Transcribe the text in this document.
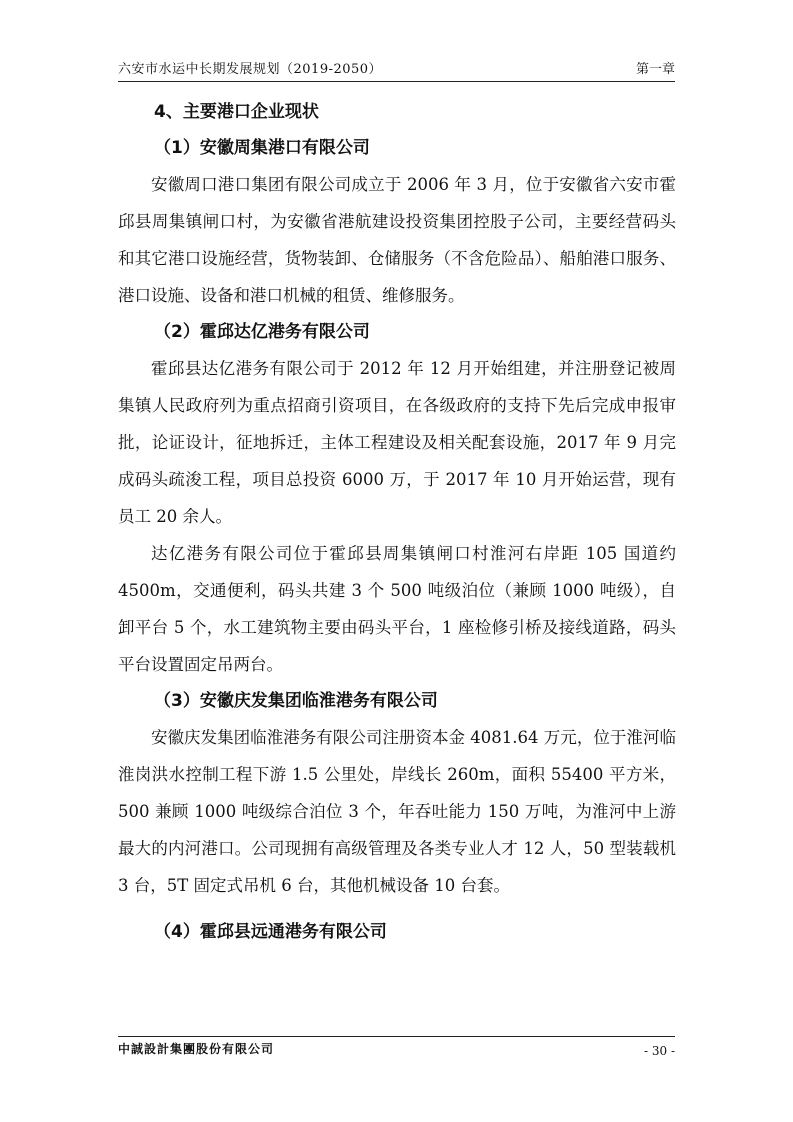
六安市水运中长期发展规划（2019-2050）	第一章

4、主要港口企业现状

（1）安徽周集港口有限公司

安徽周口港口集团有限公司成立于 2006 年 3 月，位于安徽省六安市霍邱县周集镇闸口村，为安徽省港航建设投资集团控股子公司，主要经营码头和其它港口设施经营，货物装卸、仓储服务（不含危险品）、船舶港口服务、港口设施、设备和港口机械的租赁、维修服务。

（2）霍邱达亿港务有限公司

霍邱县达亿港务有限公司于 2012 年 12 月开始组建，并注册登记被周集镇人民政府列为重点招商引资项目，在各级政府的支持下先后完成申报审批，论证设计，征地拆迁，主体工程建设及相关配套设施，2017 年 9 月完成码头疏浚工程，项目总投资 6000 万，于 2017 年 10 月开始运营，现有员工 20 余人。

达亿港务有限公司位于霍邱县周集镇闸口村淮河右岸距 105 国道约 4500m，交通便利，码头共建 3 个 500 吨级泊位（兼顾 1000 吨级），自卸平台 5 个，水工建筑物主要由码头平台，1 座检修引桥及接线道路，码头平台设置固定吊两台。

（3）安徽庆发集团临淮港务有限公司

安徽庆发集团临淮港务有限公司注册资本金 4081.64 万元，位于淮河临淮岗洪水控制工程下游 1.5 公里处，岸线长 260m，面积 55400 平方米， 500 兼顾 1000 吨级综合泊位 3 个，年吞吐能力 150 万吨，为淮河中上游最大的内河港口。公司现拥有高级管理及各类专业人才 12 人，50 型装载机 3 台，5T 固定式吊机 6 台，其他机械设备 10 台套。

（4）霍邱县远通港务有限公司

中誠設計集團股份有限公司	- 30 -
